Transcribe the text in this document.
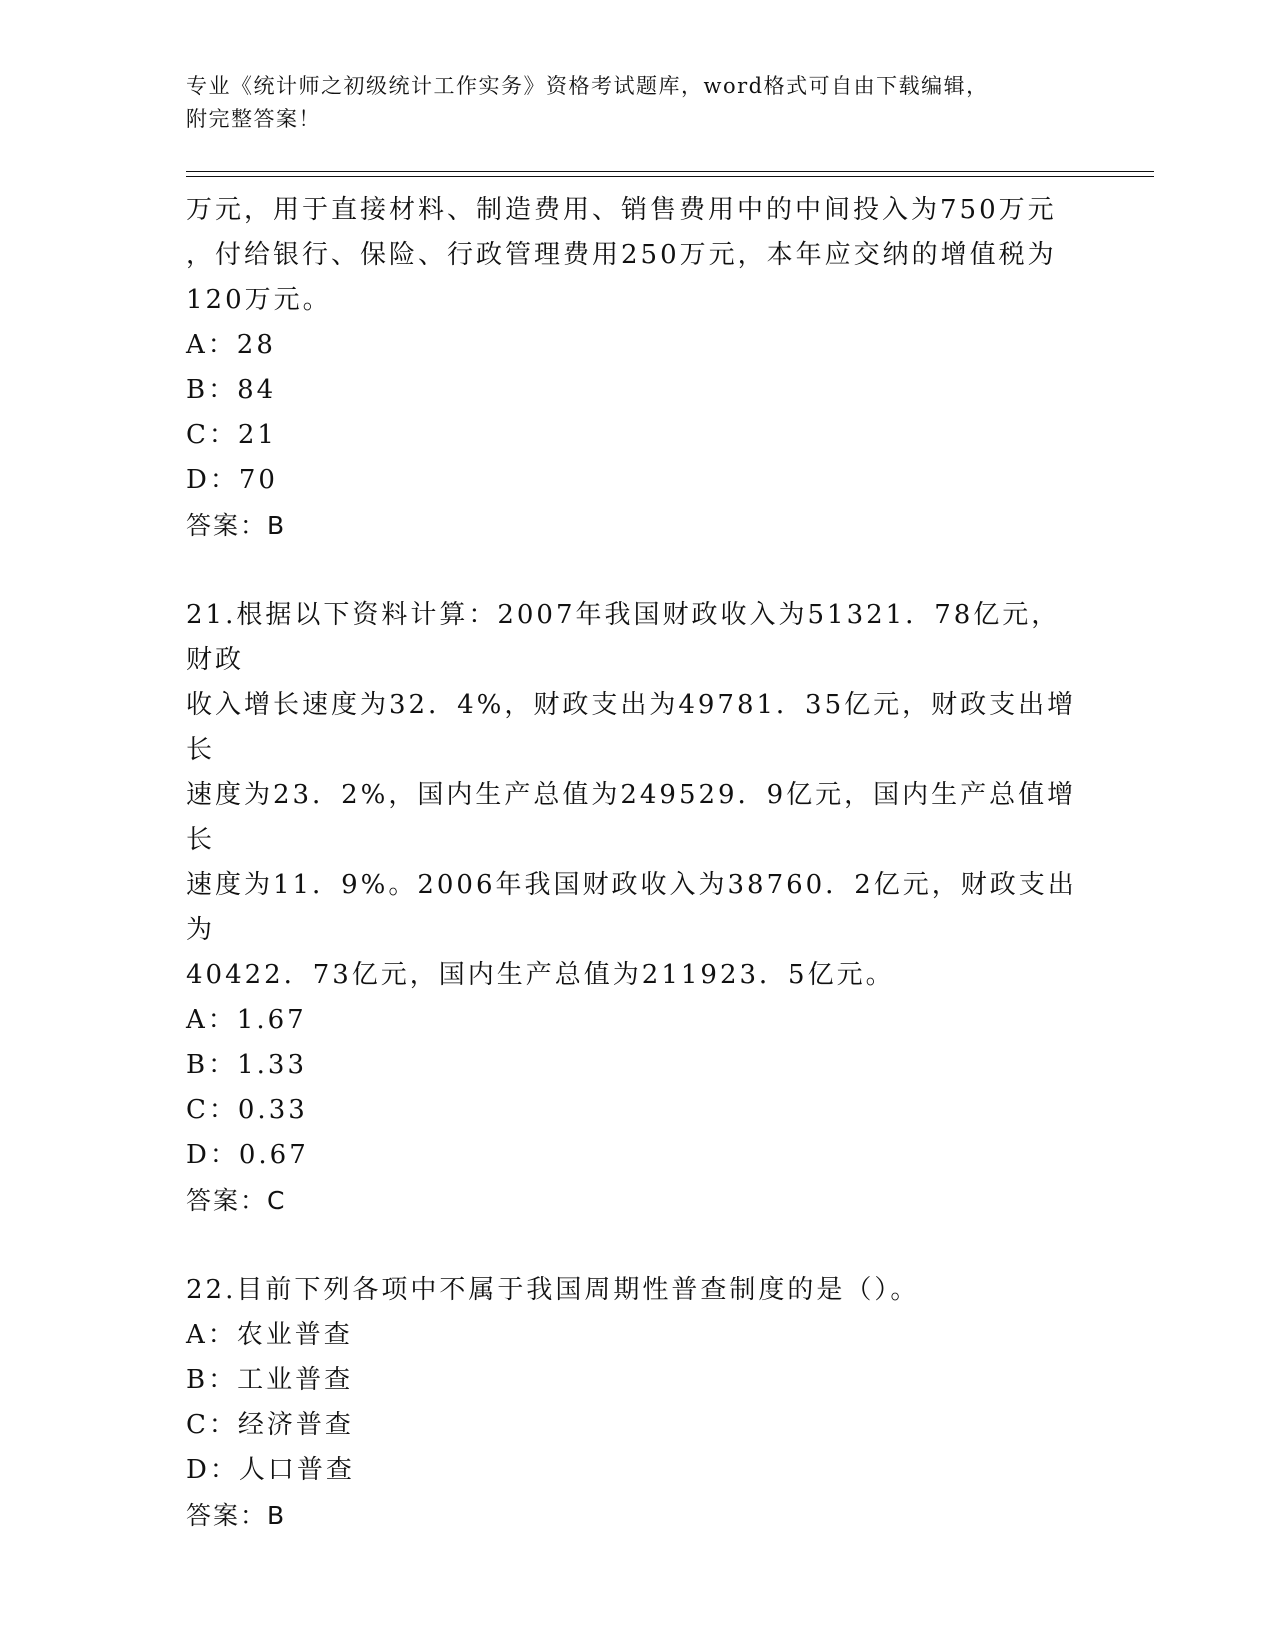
专业《统计师之初级统计工作实务》资格考试题库，word格式可自由下载编辑，
附完整答案！

万元，用于直接材料、制造费用、销售费用中的中间投入为750万元

，付给银行、保险、行政管理费用250万元，本年应交纳的增值税为

120万元。

A：28

B：84

C：21

D：70

答案：B

21.根据以下资料计算：2007年我国财政收入为51321．78亿元，财政

收入增长速度为32．4%，财政支出为49781．35亿元，财政支出增长

速度为23．2%，国内生产总值为249529．9亿元，国内生产总值增长

速度为11．9%。2006年我国财政收入为38760．2亿元，财政支出为

40422．73亿元，国内生产总值为211923．5亿元。

A：1.67

B：1.33

C：0.33

D：0.67

答案：C

22.目前下列各项中不属于我国周期性普查制度的是（）。

A：农业普查

B：工业普查

C：经济普查

D：人口普查

答案：B
